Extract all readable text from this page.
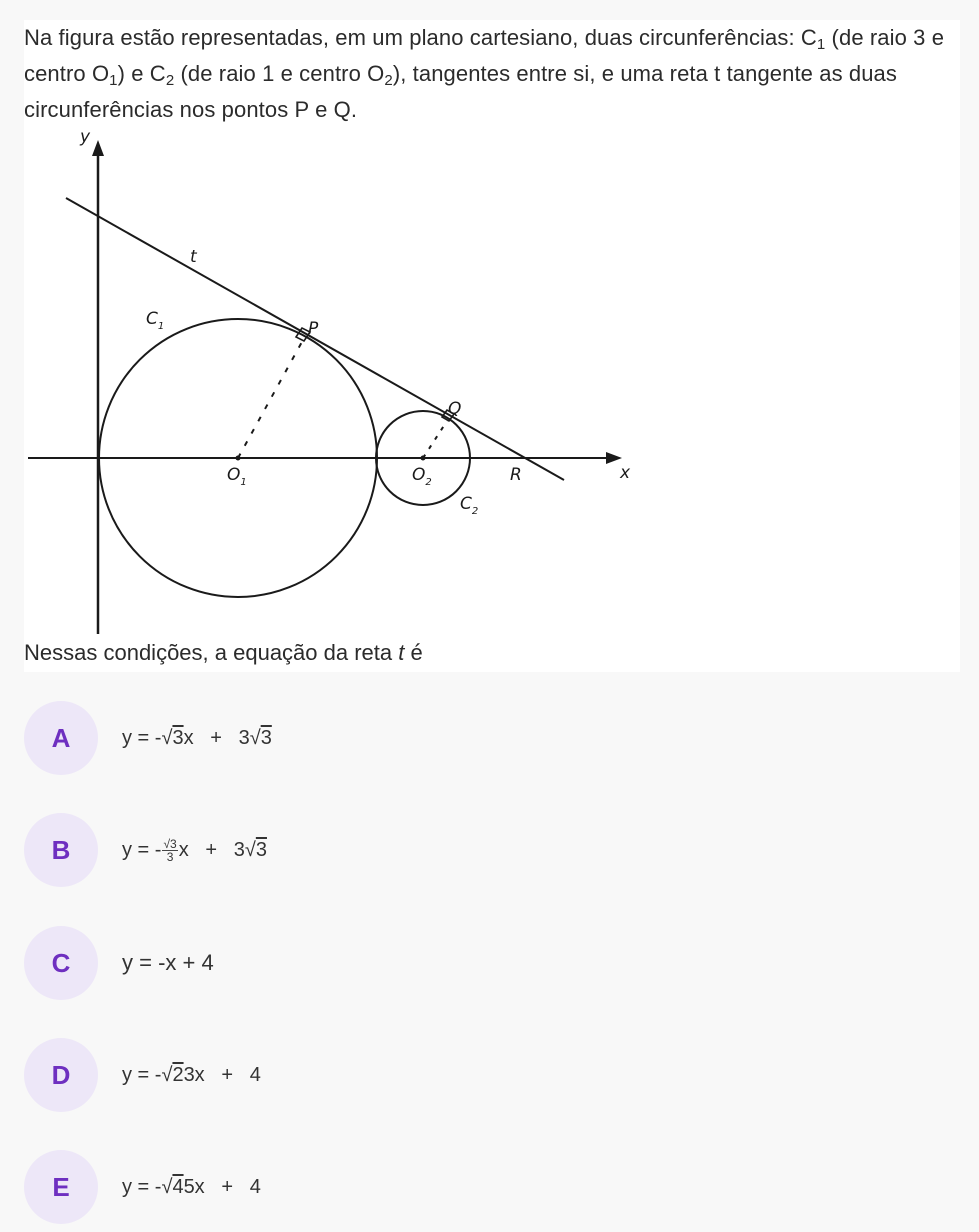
Na figura estão representadas, em um plano cartesiano, duas circunferências: $C_1$ (de raio 3 e centro $O_1$) e $C_2$ (de raio 1 e centro $O_2$), tangentes entre si, e uma reta t tangente as duas circunferências nos pontos P e Q.

y
x
t
$C_1$	P
Q
R
$O_1$	$O_2$
$C_2$
Nessas condições, a equação da reta t é
A	y = -√3x   +   3√3
B	y = - $\frac{√3}{3}$ x   +   3√3
C	y = -x + 4
D	y = -√23x   +   4
E	y = -√45x   +   4
